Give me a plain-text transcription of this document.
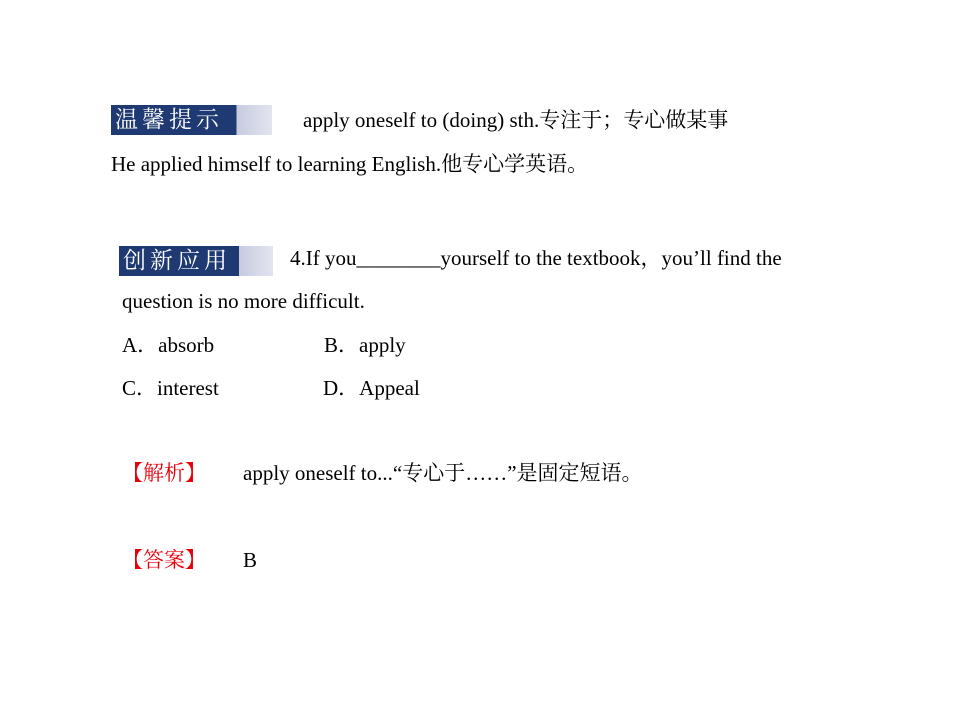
温馨提示	apply oneself to (doing) sth.专注于；专心做某事
He applied himself to learning English.他专心学英语。
创新应用	4.If you________yourself to the textbook，you’ll find the
question is no more difficult.
A．absorb	B．apply
C．interest	D．Appeal
【解析】 apply oneself to...“专心于……”是固定短语。
【答案】 B
